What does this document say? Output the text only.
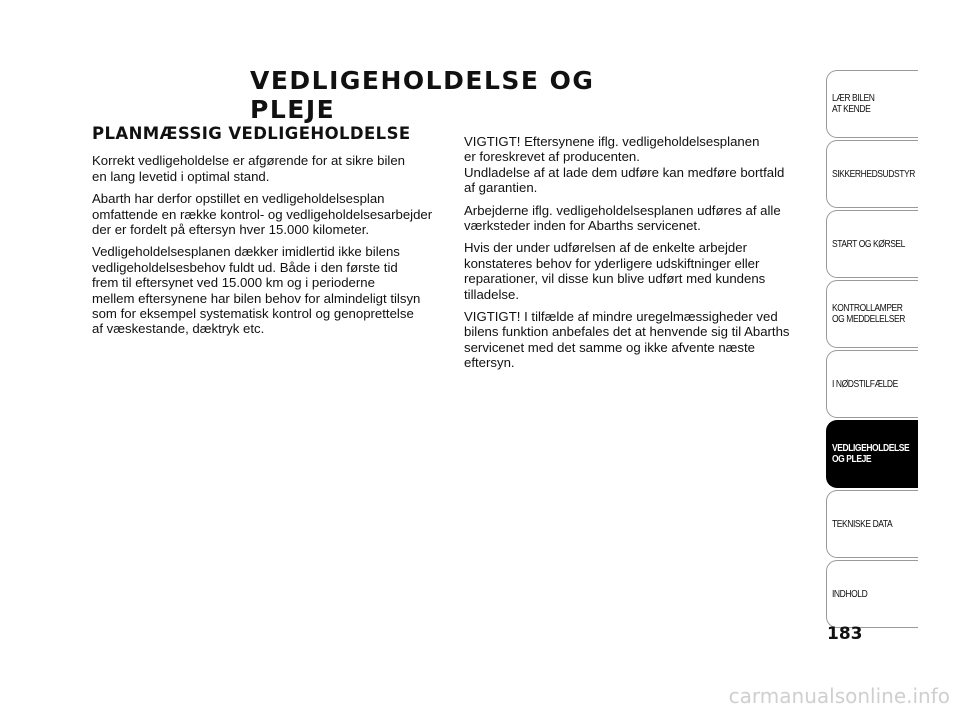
VEDLIGEHOLDELSE OG PLEJE
PLANMÆSSIG VEDLIGEHOLDELSE

Korrekt vedligeholdelse er afgørende for at sikre bilen
en lang levetid i optimal stand.

Abarth har derfor opstillet en vedligeholdelsesplan
omfattende en række kontrol- og vedligeholdelsesarbejder
der er fordelt på eftersyn hver 15.000 kilometer.

Vedligeholdelsesplanen dækker imidlertid ikke bilens
vedligeholdelsesbehov fuldt ud. Både i den første tid
frem til eftersynet ved 15.000 km og i perioderne
mellem eftersynene har bilen behov for almindeligt tilsyn
som for eksempel systematisk kontrol og genoprettelse
af væskestande, dæktryk etc.

VIGTIGT! Eftersynene iflg. vedligeholdelsesplanen
er foreskrevet af producenten.
Undladelse af at lade dem udføre kan medføre bortfald
af garantien.

Arbejderne iflg. vedligeholdelsesplanen udføres af alle
værksteder inden for Abarths servicenet.

Hvis der under udførelsen af de enkelte arbejder
konstateres behov for yderligere udskiftninger eller
reparationer, vil disse kun blive udført med kundens
tilladelse.

VIGTIGT! I tilfælde af mindre uregelmæssigheder ved
bilens funktion anbefales det at henvende sig til Abarths
servicenet med det samme og ikke afvente næste
eftersyn.

LÆR BILEN
AT KENDE
SIKKERHEDSUDSTYR
START OG KØRSEL
KONTROLLAMPER
OG MEDDELELSER
I NØDSTILFÆLDE
VEDLIGEHOLDELSE
OG PLEJE
TEKNISKE DATA
INDHOLD
183
carmanualsonline.info
